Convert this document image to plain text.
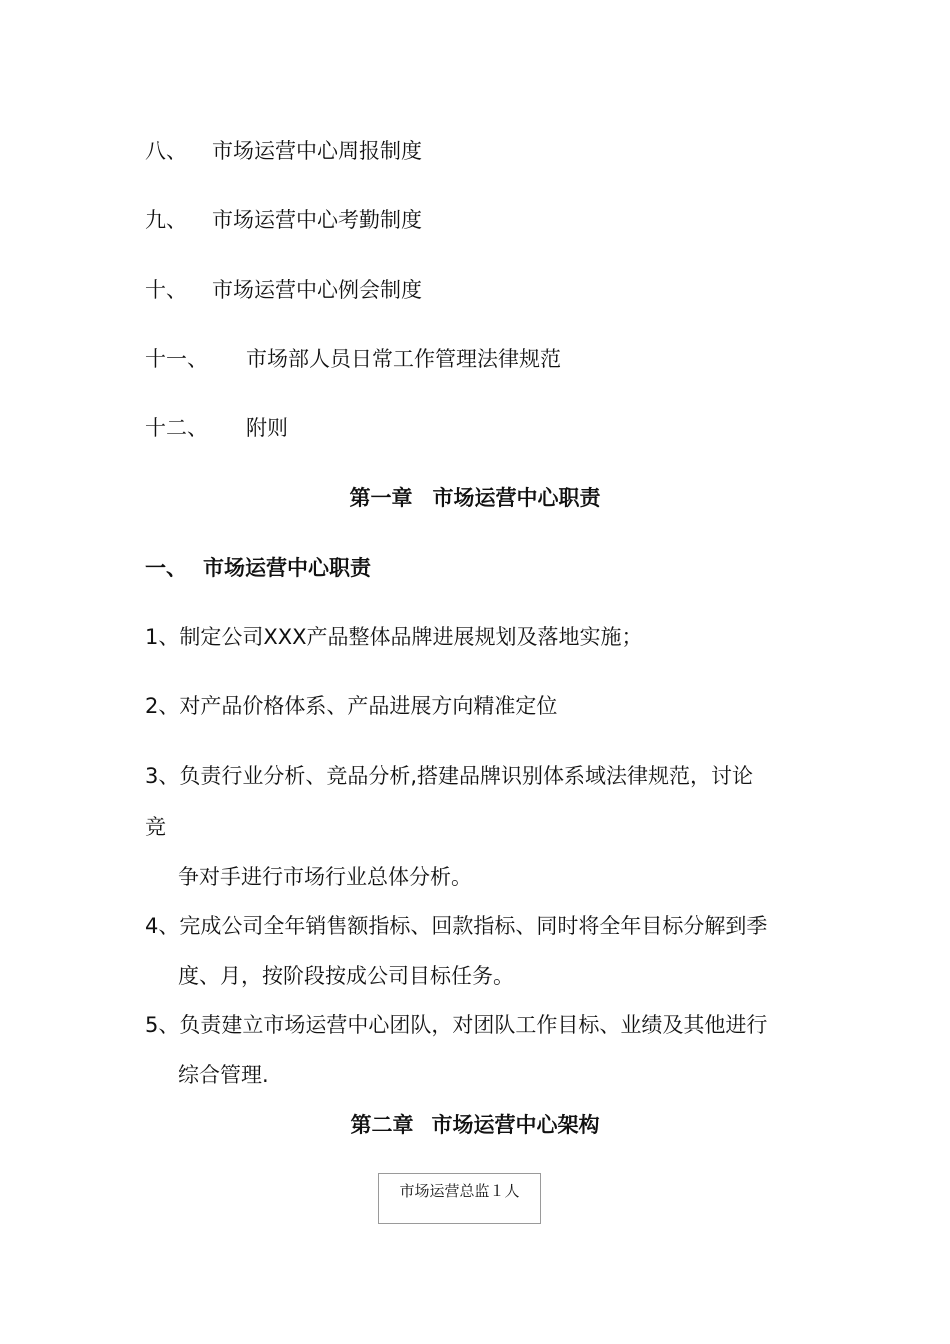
八、 市场运营中心周报制度
九、 市场运营中心考勤制度
十、 市场运营中心例会制度
十一、 市场部人员日常工作管理法律规范
十二、 附则
第一章 市场运营中心职责
一、 市场运营中心职责
1、制定公司XXX产品整体品牌进展规划及落地实施；
2、对产品价格体系、产品进展方向精准定位
3、负责行业分析、竞品分析,搭建品牌识别体系域法律规范，讨论
竞
争对手进行市场行业总体分析。
4、完成公司全年销售额指标、回款指标、同时将全年目标分解到季
度、月，按阶段按成公司目标任务。
5、负责建立市场运营中心团队，对团队工作目标、业绩及其他进行
综合管理.
第二章 市场运营中心架构
市场运营总监１人
